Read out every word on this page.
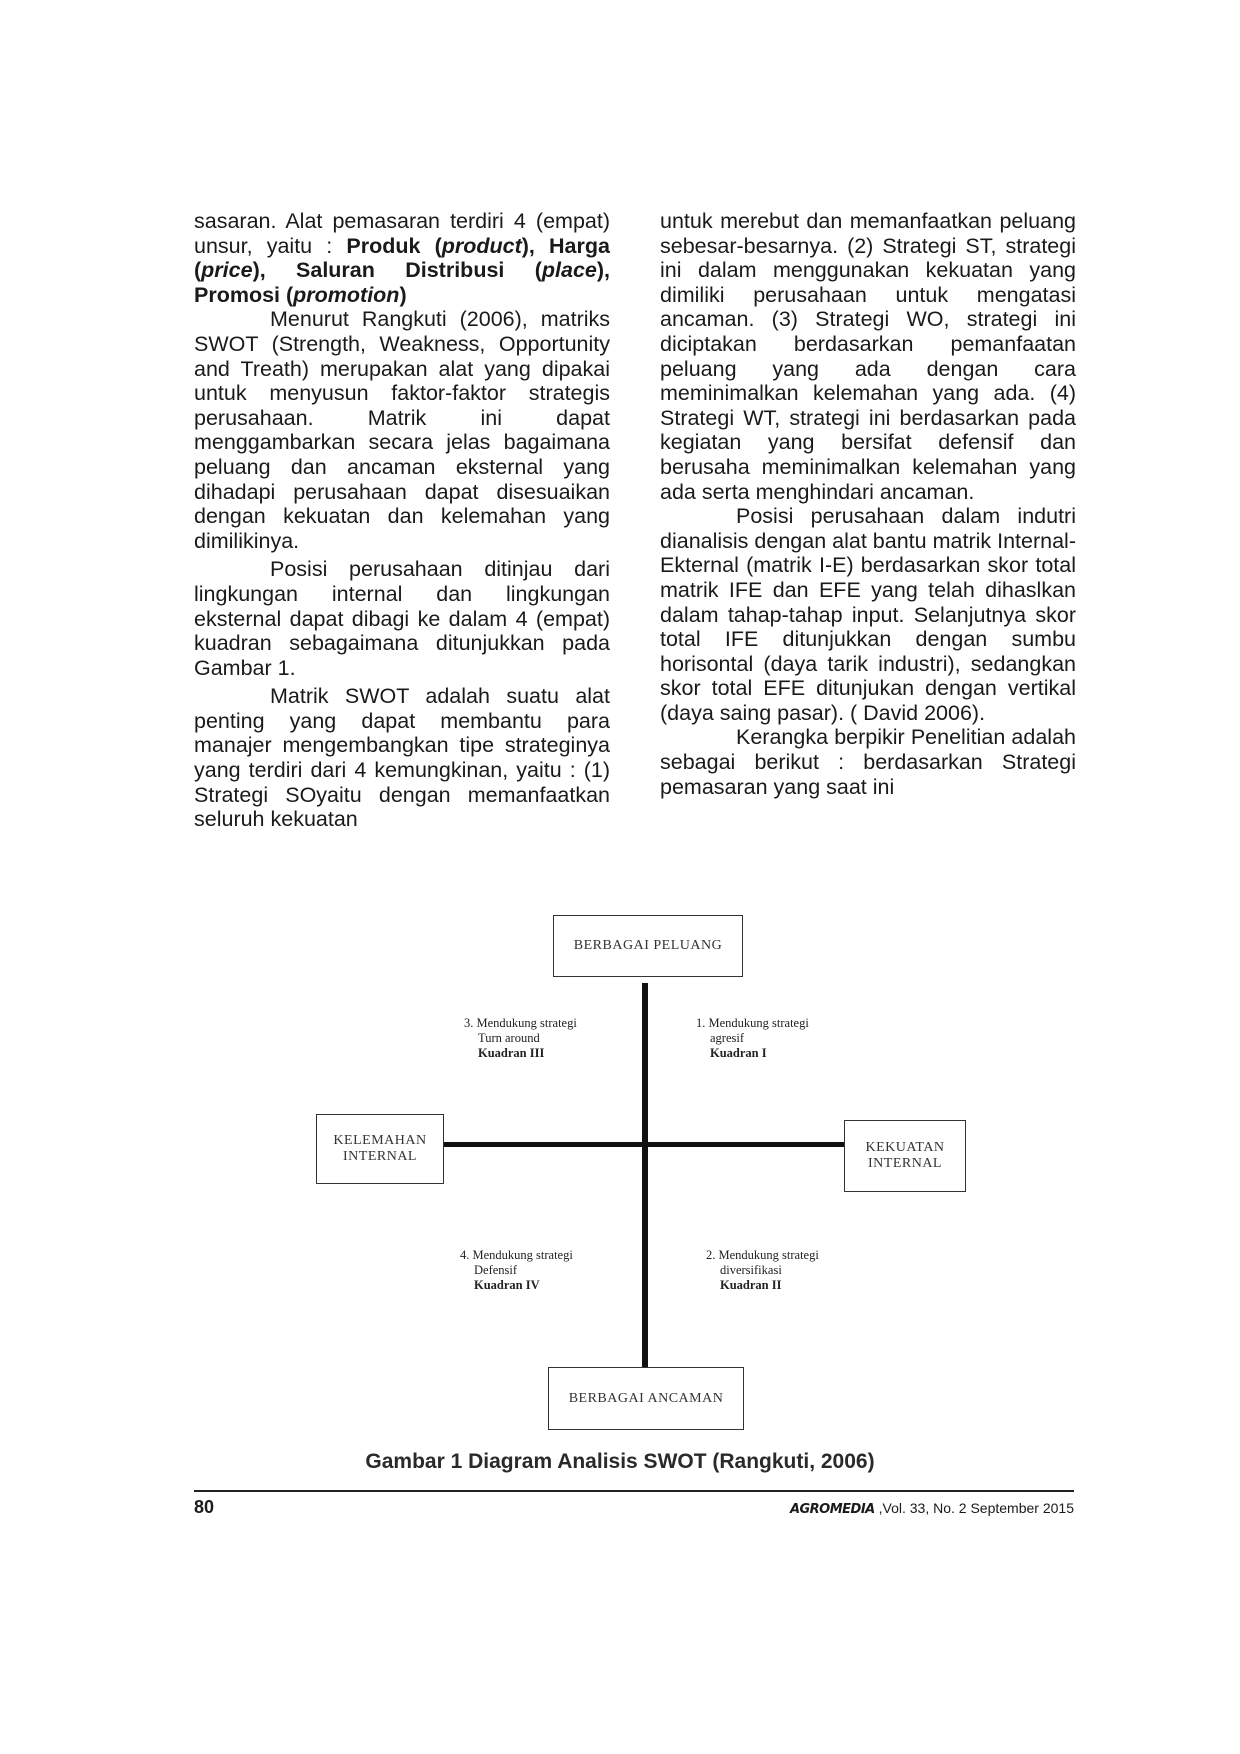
sasaran. Alat pemasaran terdiri 4 (empat) unsur, yaitu : Produk (product), Harga (price), Saluran Distribusi (place), Promosi (promotion)

Menurut Rangkuti (2006), matriks SWOT (Strength, Weakness, Opportunity and Treath) merupakan alat yang dipakai untuk menyusun faktor-faktor strategis perusahaan. Matrik ini dapat menggambarkan secara jelas bagaimana peluang dan ancaman eksternal yang dihadapi perusahaan dapat disesuaikan dengan kekuatan dan kelemahan yang dimilikinya.

Posisi perusahaan ditinjau dari lingkungan internal dan lingkungan eksternal dapat dibagi ke dalam 4 (empat) kuadran sebagaimana ditunjukkan pada Gambar 1.

Matrik SWOT adalah suatu alat penting yang dapat membantu para manajer mengembangkan tipe strateginya yang terdiri dari 4 kemungkinan, yaitu : (1) Strategi SOyaitu dengan memanfaatkan seluruh kekuatan

untuk merebut dan memanfaatkan peluang sebesar-besarnya. (2) Strategi ST, strategi ini dalam menggunakan kekuatan yang dimiliki perusahaan untuk mengatasi ancaman. (3) Strategi WO, strategi ini diciptakan berdasarkan pemanfaatan peluang yang ada dengan cara meminimalkan kelemahan yang ada. (4) Strategi WT, strategi ini berdasarkan pada kegiatan yang bersifat defensif dan berusaha meminimalkan kelemahan yang ada serta menghindari ancaman.

Posisi perusahaan dalam indutri dianalisis dengan alat bantu matrik Internal-Ekternal (matrik I-E) berdasarkan skor total matrik IFE dan EFE yang telah dihaslkan dalam tahap-tahap input. Selanjutnya skor total IFE ditunjukkan dengan sumbu horisontal (daya tarik industri), sedangkan skor total EFE ditunjukan dengan vertikal (daya saing pasar). ( David 2006).

Kerangka berpikir Penelitian adalah sebagai berikut : berdasarkan Strategi pemasaran yang saat ini

BERBAGAI PELUANG
BERBAGAI ANCAMAN
KELEMAHAN
INTERNAL
KEKUATAN
INTERNAL
3. Mendukung strategi
Turn around
Kuadran III
1. Mendukung strategi
agresif
Kuadran I
4. Mendukung strategi
Defensif
Kuadran IV
2. Mendukung strategi
diversifikasi
Kuadran II
Gambar 1 Diagram Analisis SWOT (Rangkuti, 2006)
80	AGROMEDIA ,Vol. 33, No. 2 September 2015
